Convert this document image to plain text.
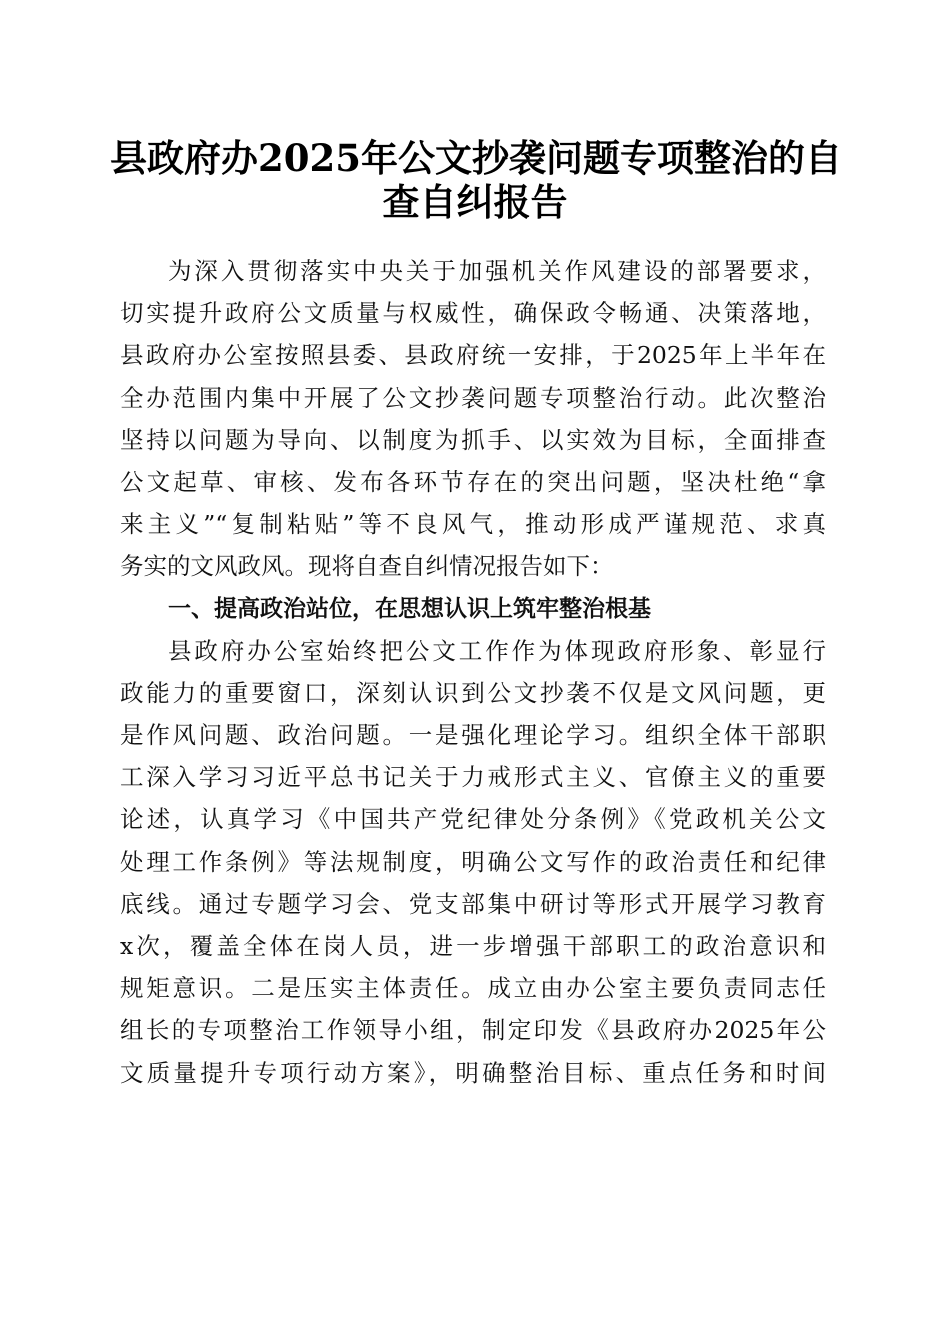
县政府办2025年公文抄袭问题专项整治的自
查自纠报告
为深入贯彻落实中央关于加强机关作风建设的部署要求，
切实提升政府公文质量与权威性，确保政令畅通、决策落地，
县政府办公室按照县委、县政府统一安排，于2025年上半年在
全办范围内集中开展了公文抄袭问题专项整治行动。此次整治
坚持以问题为导向、以制度为抓手、以实效为目标，全面排查
公文起草、审核、发布各环节存在的突出问题，坚决杜绝“拿
来主义”“复制粘贴”等不良风气，推动形成严谨规范、求真
务实的文风政风。现将自查自纠情况报告如下：
一、提高政治站位，在思想认识上筑牢整治根基
县政府办公室始终把公文工作作为体现政府形象、彰显行
政能力的重要窗口，深刻认识到公文抄袭不仅是文风问题，更
是作风问题、政治问题。一是强化理论学习。组织全体干部职
工深入学习习近平总书记关于力戒形式主义、官僚主义的重要
论述，认真学习《中国共产党纪律处分条例》《党政机关公文
处理工作条例》等法规制度，明确公文写作的政治责任和纪律
底线。通过专题学习会、党支部集中研讨等形式开展学习教育
x次，覆盖全体在岗人员，进一步增强干部职工的政治意识和
规矩意识。二是压实主体责任。成立由办公室主要负责同志任
组长的专项整治工作领导小组，制定印发《县政府办2025年公
文质量提升专项行动方案》，明确整治目标、重点任务和时间
